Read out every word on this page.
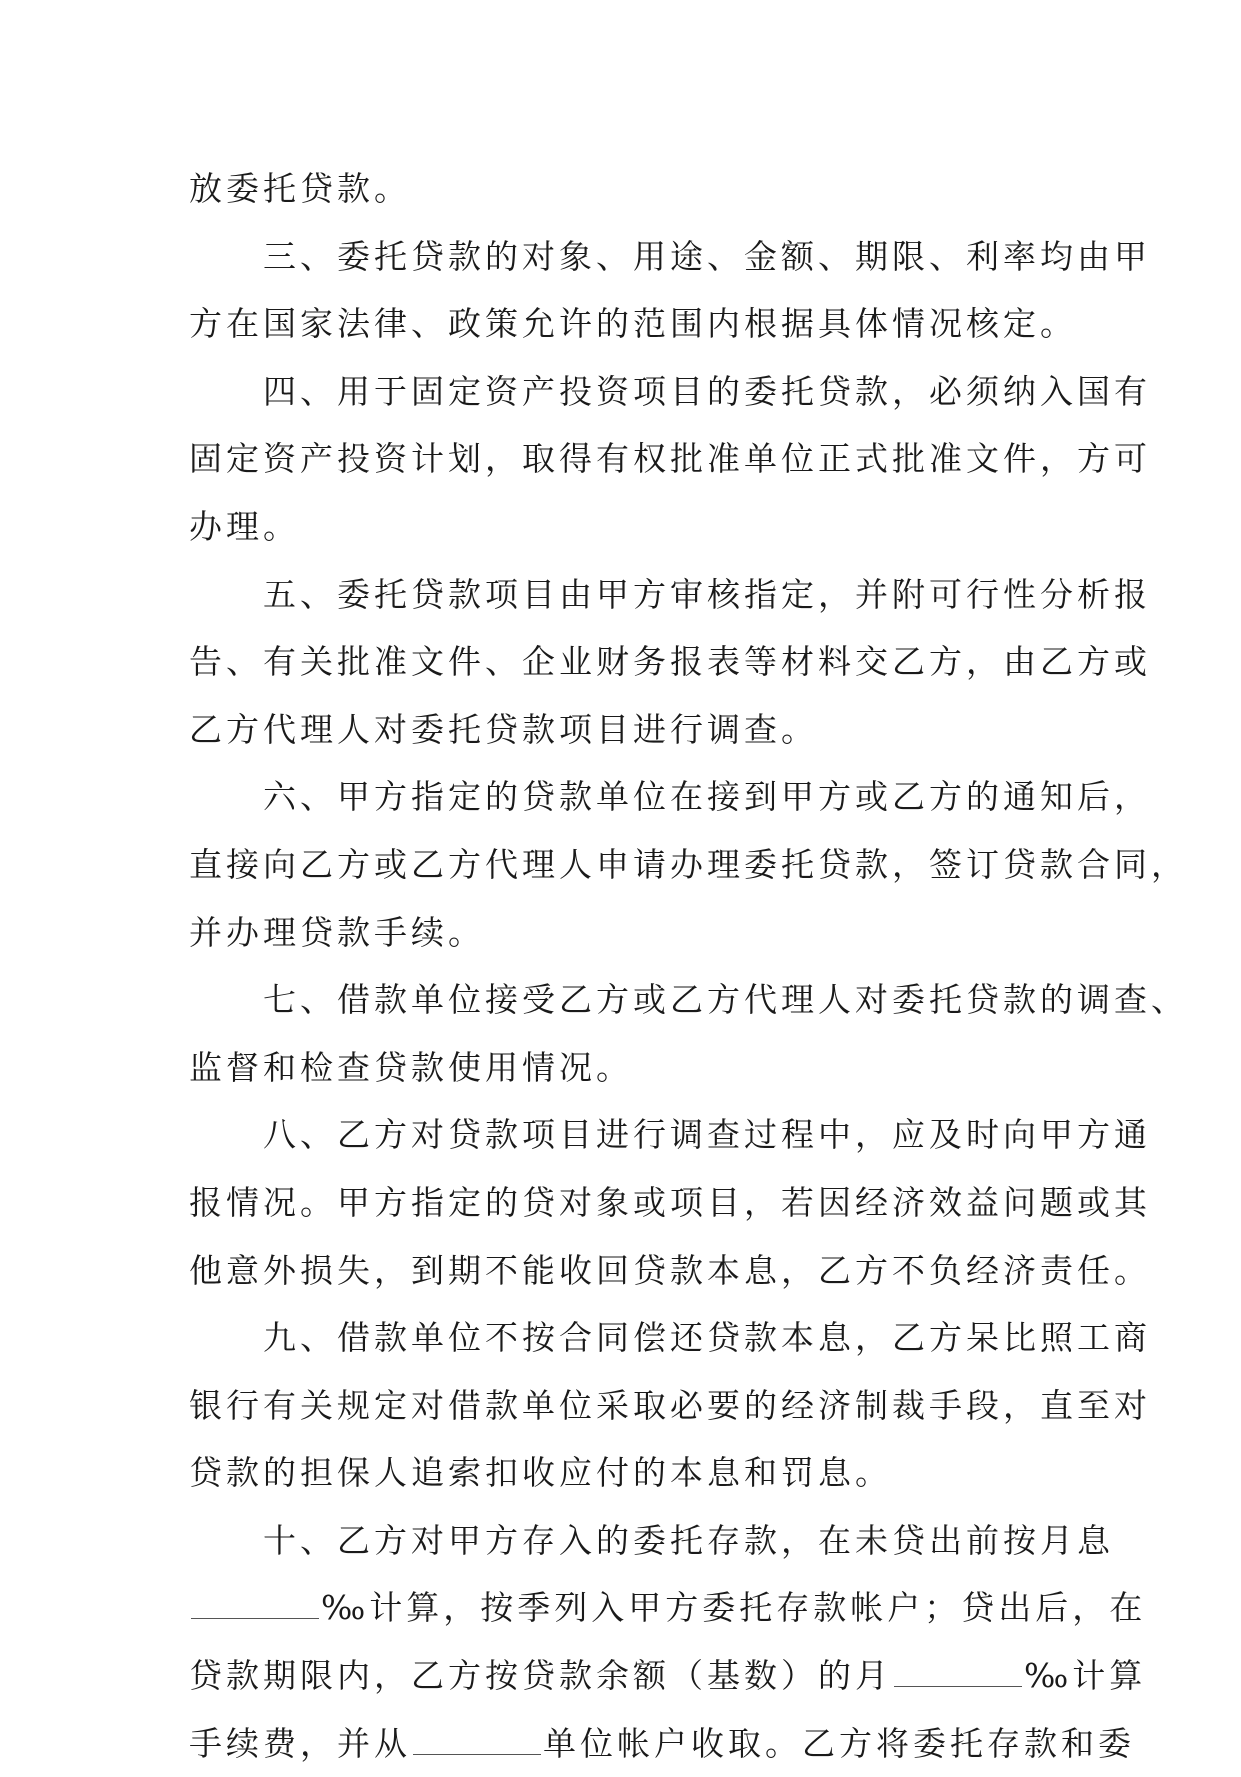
放委托贷款。
三、委托贷款的对象、用途、金额、期限、利率均由甲
方在国家法律、政策允许的范围内根据具体情况核定。
四、用于固定资产投资项目的委托贷款，必须纳入国有
固定资产投资计划，取得有权批准单位正式批准文件，方可
办理。
五、委托贷款项目由甲方审核指定，并附可行性分析报
告、有关批准文件、企业财务报表等材料交乙方，由乙方或
乙方代理人对委托贷款项目进行调查。
六、甲方指定的贷款单位在接到甲方或乙方的通知后，
直接向乙方或乙方代理人申请办理委托贷款，签订贷款合同，
并办理贷款手续。
七、借款单位接受乙方或乙方代理人对委托贷款的调查、
监督和检查贷款使用情况。
八、乙方对贷款项目进行调查过程中，应及时向甲方通
报情况。甲方指定的贷对象或项目，若因经济效益问题或其
他意外损失，到期不能收回贷款本息，乙方不负经济责任。
九、借款单位不按合同偿还贷款本息，乙方呆比照工商
银行有关规定对借款单位采取必要的经济制裁手段，直至对
贷款的担保人追索扣收应付的本息和罚息。
十、乙方对甲方存入的委托存款，在未贷出前按月息
‰计算，按季列入甲方委托存款帐户；贷出后，在
贷款期限内，乙方按贷款余额（基数）的月	‰计算
手续费，并从	单位帐户收取。乙方将委托存款和委
